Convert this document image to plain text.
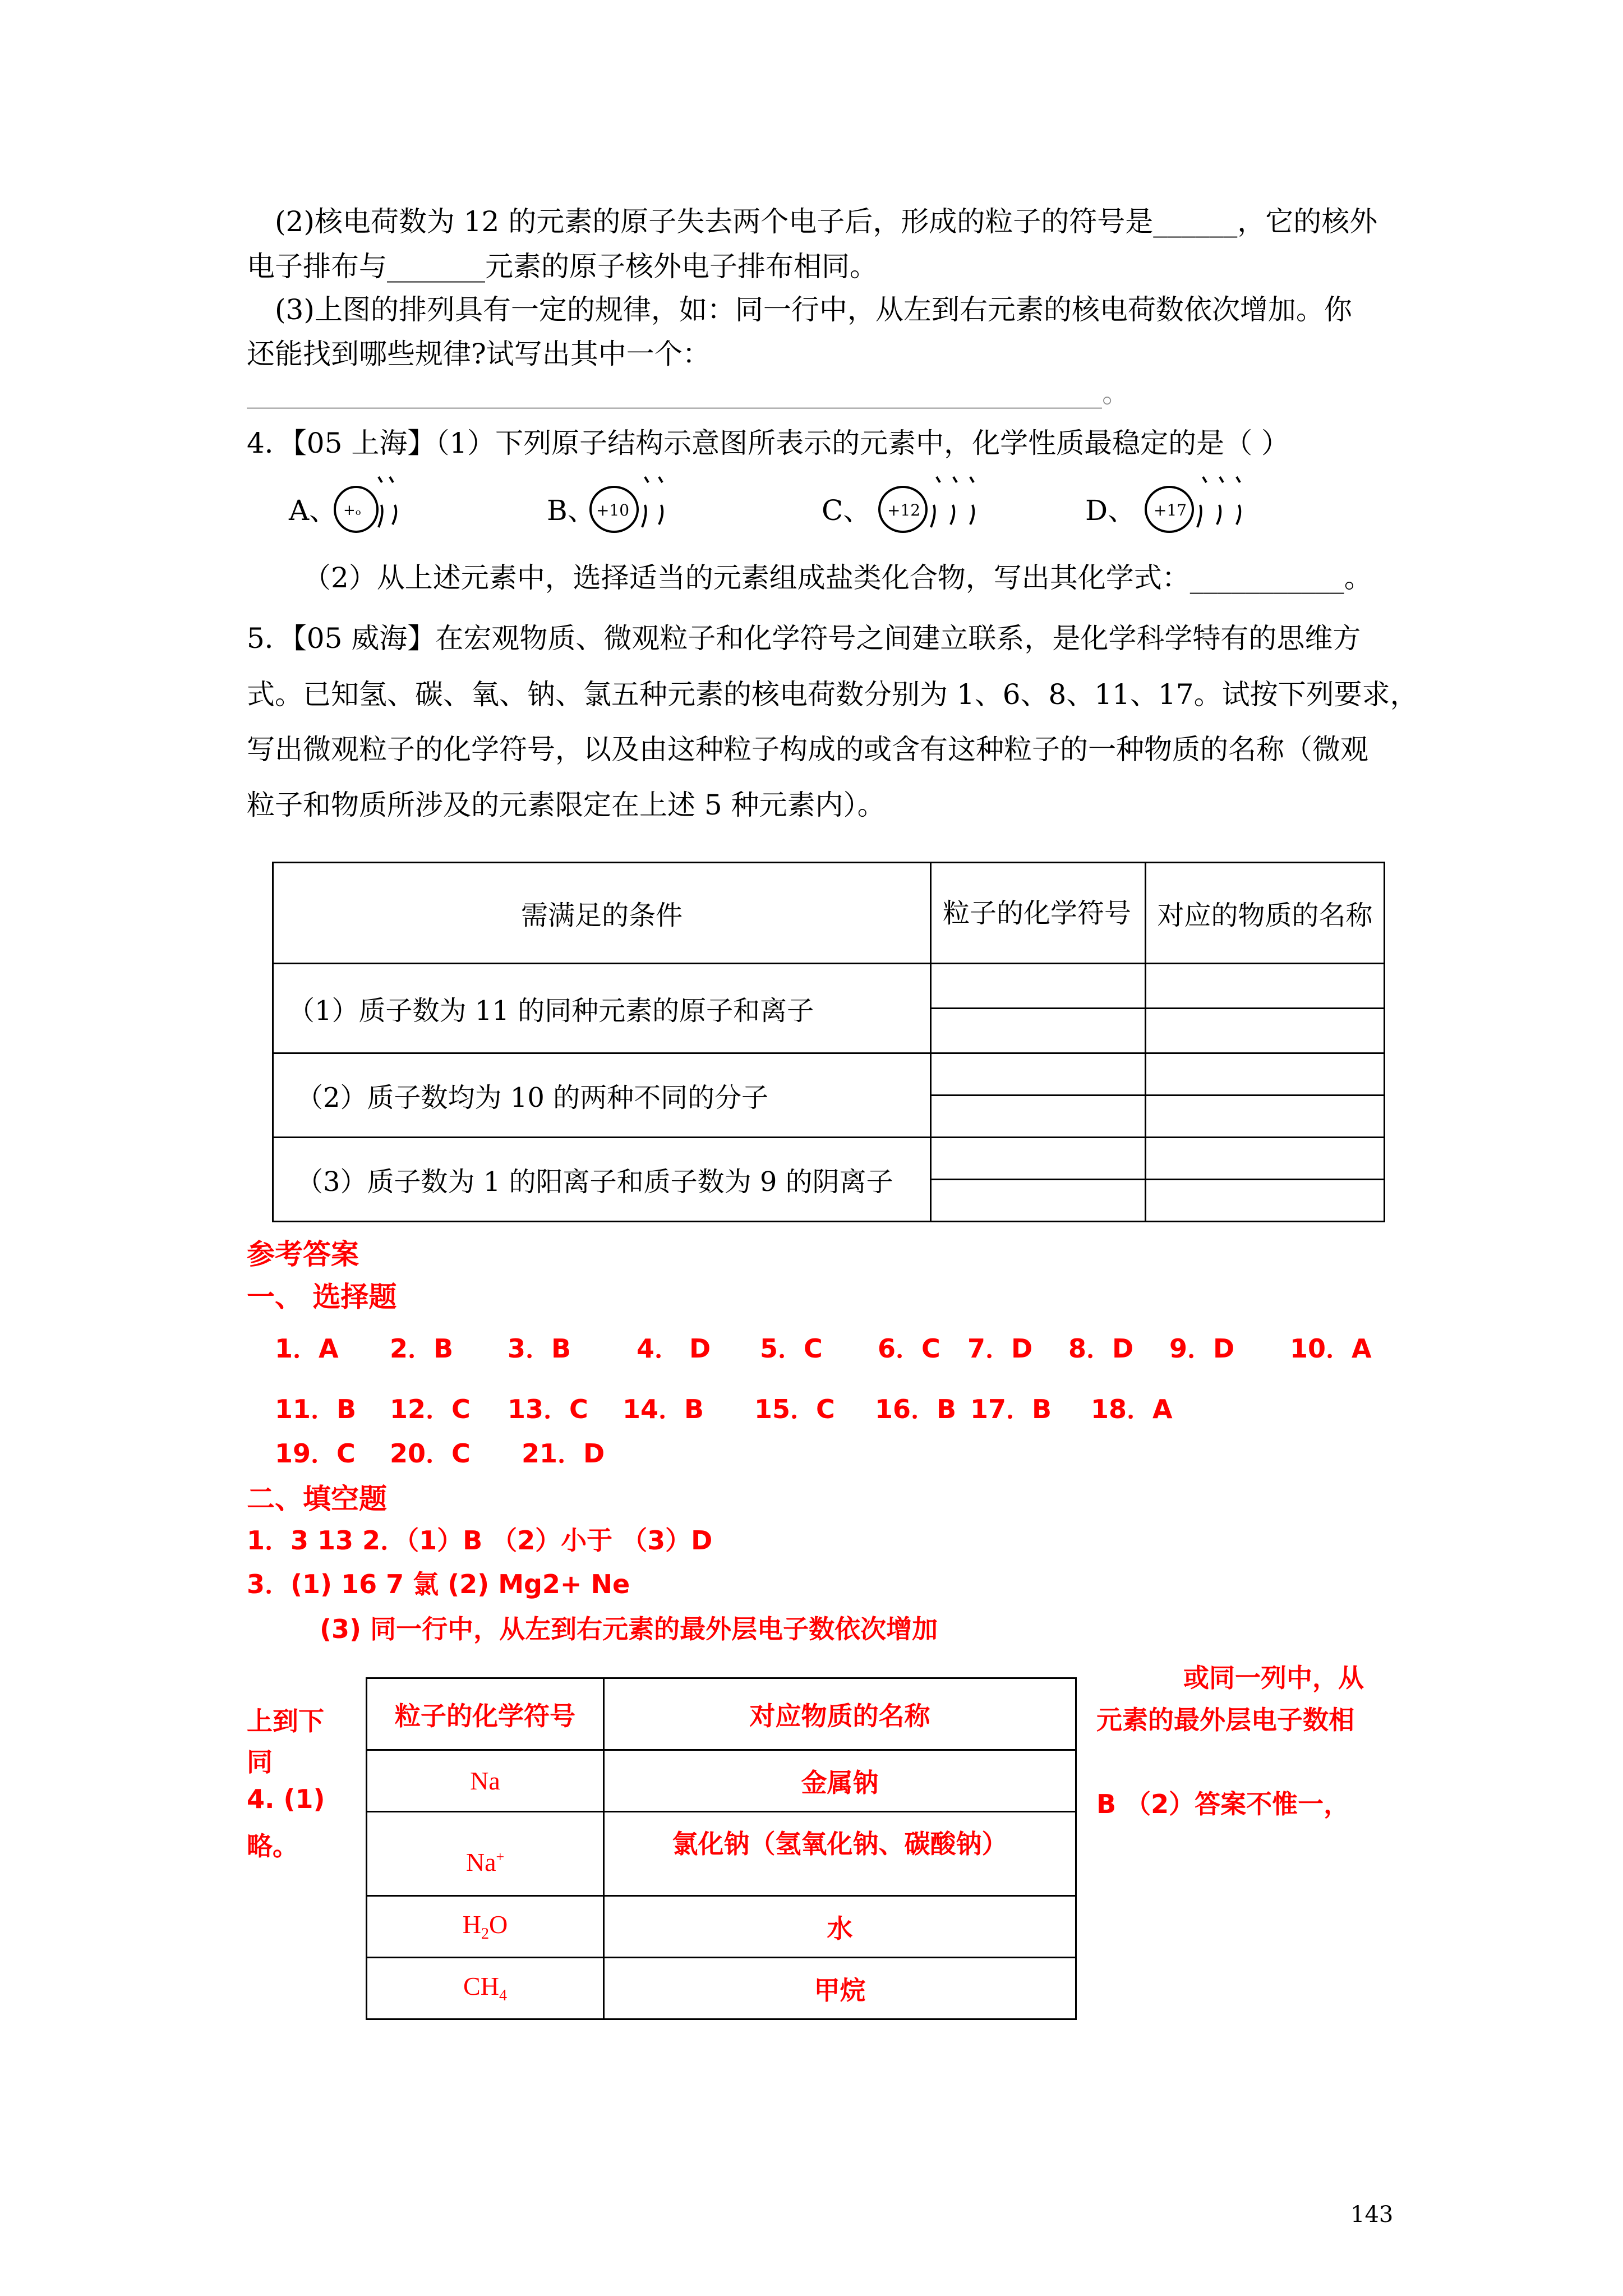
(2)核电荷数为 12 的元素的原子失去两个电子后，形成的粒子的符号是______，它的核外
电子排布与_______元素的原子核外电子排布相同。
(3)上图的排列具有一定的规律，如：同一行中，从左到右元素的核电荷数依次增加。你
还能找到哪些规律?试写出其中一个：
_____________________________________________________________。
4．【05 上海】（1）下列原子结构示意图所表示的元素中，化学性质最稳定的是（ ）
A、 +ₒ	B、 +10	C、 +12	D、 +17
（2）从上述元素中，选择适当的元素组成盐类化合物，写出其化学式：___________。
5．【05 威海】在宏观物质、微观粒子和化学符号之间建立联系，是化学科学特有的思维方
式。已知氢、碳、氧、钠、氯五种元素的核电荷数分别为 1、6、8、11、17。试按下列要求，
写出微观粒子的化学符号，以及由这种粒子构成的或含有这种粒子的一种物质的名称（微观
粒子和物质所涉及的元素限定在上述 5 种元素内）。
需满足的条件	粒子的化学符号	对应的物质的名称
（1）质子数为 11 的同种元素的原子和离子		

（2）质子数均为 10 的两种不同的分子		

（3）质子数为 1 的阳离子和质子数为 9 的阴离子		

参考答案
一、 选择题
1．A 2．B 3．B	4． D 5．C 6．C 7．D 8．D 9．D 10．A
11．B 12．C 13．C 14．B 15．C 16．B 17．B 18．A
19．C 20．C 21．D
二、填空题
1．3 13 2．（1）B （2）小于 （3）D
3．(1) 16 7 氯 (2) Mg2+ Ne
(3) 同一行中，从左到右元素的最外层电子数依次增加
或同一列中，从
元素的最外层电子数相
B （2）答案不惟一，
上到下
同
4. (1)
略。
粒子的化学符号	对应物质的名称
Na	金属钠
Na+	氯化钠（氢氧化钠、碳酸钠）
$H_2O$	水
$CH_4$	甲烷
143
